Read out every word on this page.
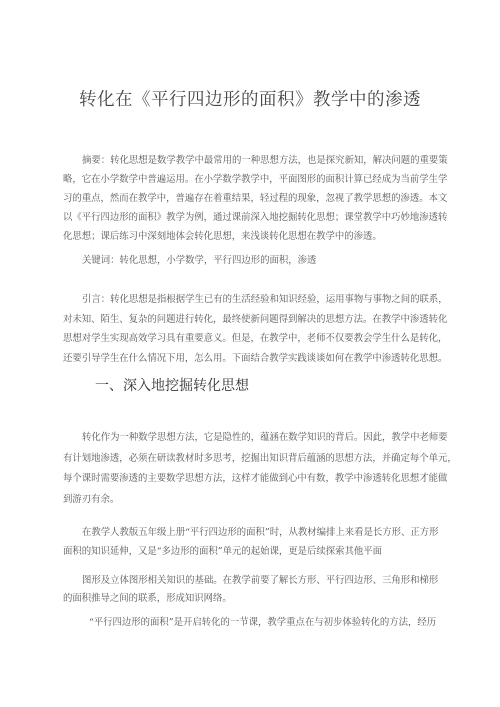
转化在《平行四边形的面积》教学中的渗透
摘要：转化思想是数学教学中最常用的一种思想方法，也是探究新知，解决问题的重要策
略，它在小学数学中普遍运用。在小学数学教学中，平面图形的面积计算已经成为当前学生学
习的重点，然而在教学中，普遍存在着重结果，轻过程的现象，忽视了教学思想的渗透。本文
以《平行四边形的面积》教学为例，通过课前深入地挖掘转化思想；课堂教学中巧妙地渗透转
化思想；课后练习中深刻地体会转化思想，来浅谈转化思想在教学中的渗透。
关键词：转化思想，小学数学，平行四边形的面积，渗透
引言：转化思想是指根据学生已有的生活经验和知识经验，运用事物与事物之间的联系，
对未知、陌生、复杂的问题进行转化，最终使新问题得到解决的思想方法。在教学中渗透转化
思想对学生实现高效学习具有重要意义。但是，在教学中，老师不仅要教会学生什么是转化，
还要引导学生在什么情况下用，怎么用。下面结合教学实践谈谈如何在教学中渗透转化思想。
一、深入地挖掘转化思想
转化作为一种数学思想方法，它是隐性的，蕴涵在数学知识的背后。因此，教学中老师要
有计划地渗透，必须在研读教材时多思考，挖掘出知识背后蕴涵的思想方法，并确定每个单元，
每个课时需要渗透的主要数学思想方法，这样才能做到心中有数，教学中渗透转化思想才能做
到游刃有余。
在教学人教版五年级上册“平行四边形的面积”时，从教材编排上来看是长方形、正方形
面积的知识延伸，又是“多边形的面积”单元的起始课，更是后续探索其他平面
图形及立体图形相关知识的基础。在教学前要了解长方形、平行四边形、三角形和梯形
的面积推导之间的联系，形成知识网络。
“平行四边形的面积”是开启转化的一节课，教学重点在与初步体验转化的方法，经历
